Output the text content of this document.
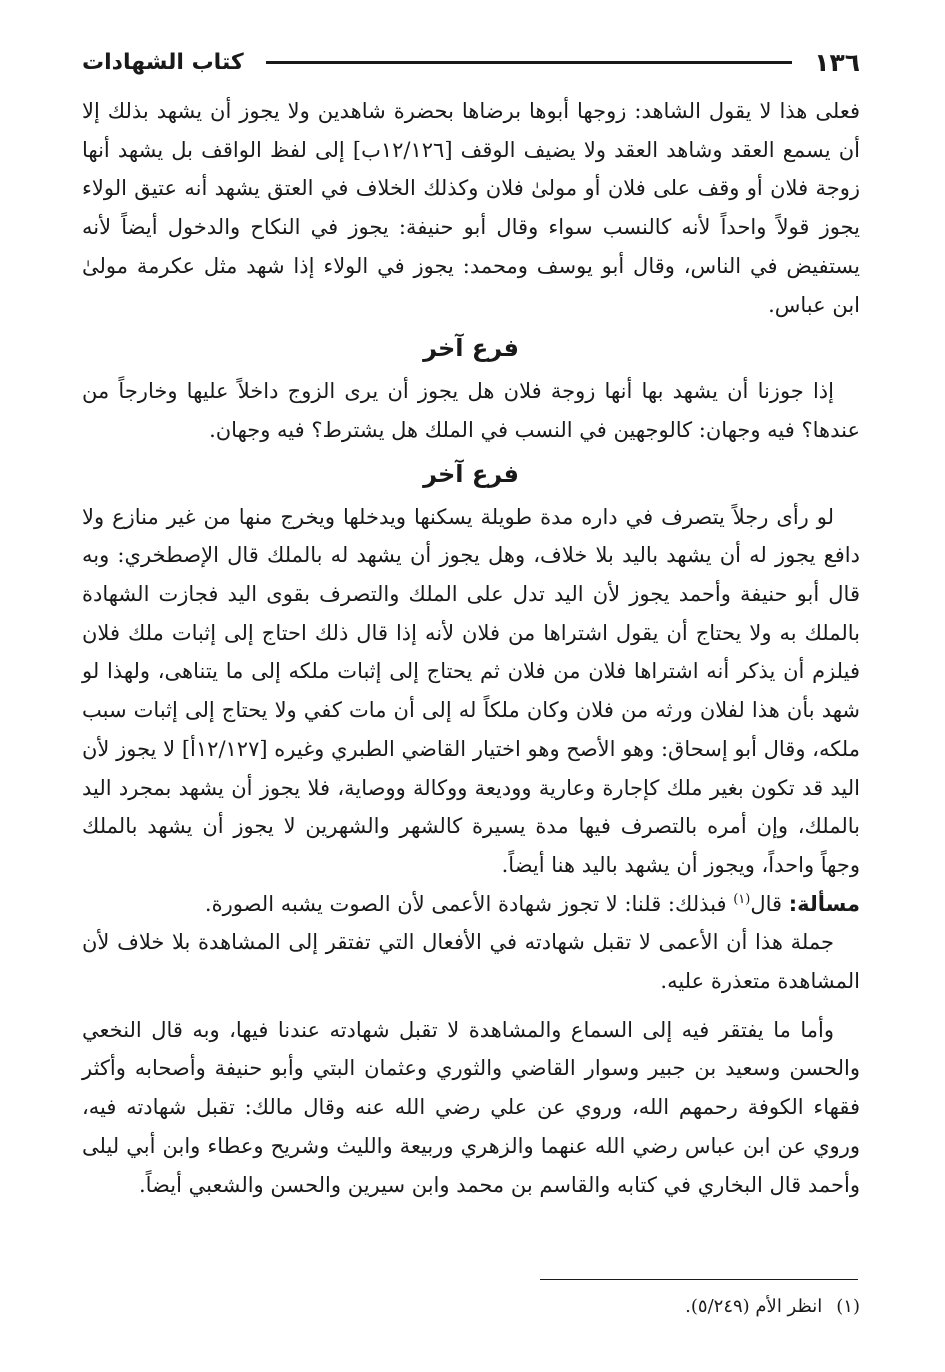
١٣٦
كتاب الشهادات

فعلى هذا لا يقول الشاهد: زوجها أبوها برضاها بحضرة شاهدين ولا يجوز أن يشهد بذلك إلا أن يسمع العقد وشاهد العقد ولا يضيف الوقف [١٢/١٢٦ب] إلى لفظ الواقف بل يشهد أنها زوجة فلان أو وقف على فلان أو مولىٰ فلان وكذلك الخلاف في العتق يشهد أنه عتيق الولاء يجوز قولاً واحداً لأنه كالنسب سواء وقال أبو حنيفة: يجوز في النكاح والدخول أيضاً لأنه يستفيض في الناس، وقال أبو يوسف ومحمد: يجوز في الولاء إذا شهد مثل عكرمة مولىٰ ابن عباس.

فرع آخر

إذا جوزنا أن يشهد بها أنها زوجة فلان هل يجوز أن يرى الزوج داخلاً عليها وخارجاً من عندها؟ فيه وجهان: كالوجهين في النسب في الملك هل يشترط؟ فيه وجهان.

فرع آخر

لو رأى رجلاً يتصرف في داره مدة طويلة يسكنها ويدخلها ويخرج منها من غير منازع ولا دافع يجوز له أن يشهد باليد بلا خلاف، وهل يجوز أن يشهد له بالملك قال الإصطخري: وبه قال أبو حنيفة وأحمد يجوز لأن اليد تدل على الملك والتصرف بقوى اليد فجازت الشهادة بالملك به ولا يحتاج أن يقول اشتراها من فلان لأنه إذا قال ذلك احتاج إلى إثبات ملك فلان فيلزم أن يذكر أنه اشتراها فلان من فلان ثم يحتاج إلى إثبات ملكه إلى ما يتناهى، ولهذا لو شهد بأن هذا لفلان ورثه من فلان وكان ملكاً له إلى أن مات كفي ولا يحتاج إلى إثبات سبب ملكه، وقال أبو إسحاق: وهو الأصح وهو اختيار القاضي الطبري وغيره [١٢/١٢٧أ] لا يجوز لأن اليد قد تكون بغير ملك كإجارة وعارية ووديعة ووكالة ووصاية، فلا يجوز أن يشهد بمجرد اليد بالملك، وإن أمره بالتصرف فيها مدة يسيرة كالشهر والشهرين لا يجوز أن يشهد بالملك وجهاً واحداً، ويجوز أن يشهد باليد هنا أيضاً.

مسألة: قال$^{(١)}$ فبذلك: قلنا: لا تجوز شهادة الأعمى لأن الصوت يشبه الصورة.

جملة هذا أن الأعمى لا تقبل شهادته في الأفعال التي تفتقر إلى المشاهدة بلا خلاف لأن المشاهدة متعذرة عليه.

وأما ما يفتقر فيه إلى السماع والمشاهدة لا تقبل شهادته عندنا فيها، وبه قال النخعي والحسن وسعيد بن جبير وسوار القاضي والثوري وعثمان البتي وأبو حنيفة وأصحابه وأكثر فقهاء الكوفة رحمهم الله، وروي عن علي رضي الله عنه وقال مالك: تقبل شهادته فيه، وروي عن ابن عباس رضي الله عنهما والزهري وربيعة والليث وشريح وعطاء وابن أبي ليلى وأحمد قال البخاري في كتابه والقاسم بن محمد وابن سيرين والحسن والشعبي أيضاً.

(١)انظر الأم (٥/٢٤٩).
